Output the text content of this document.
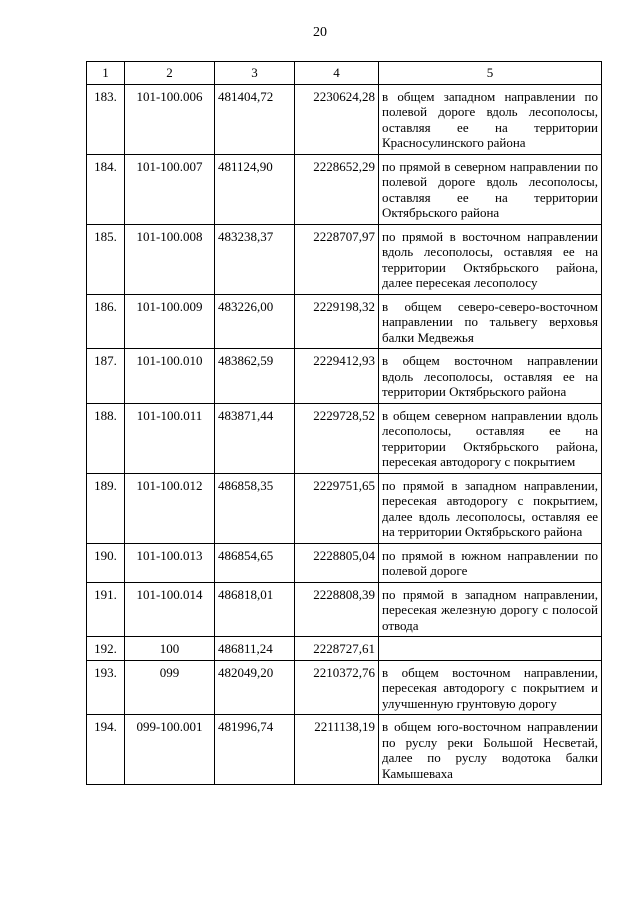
20
1	2	3	4	5
183.	101-100.006	481404,72	2230624,28	в общем западном направлении по полевой дороге вдоль лесополосы, оставляя ее на территории Красносулинского района
184.	101-100.007	481124,90	2228652,29	по прямой в северном направлении по полевой дороге вдоль лесополосы, оставляя ее на территории Октябрьского района
185.	101-100.008	483238,37	2228707,97	по прямой в восточном направлении вдоль лесополосы, оставляя ее на территории Октябрьского района, далее пересекая лесополосу
186.	101-100.009	483226,00	2229198,32	в общем северо-северо-восточном направлении по тальвегу верховья балки Медвежья
187.	101-100.010	483862,59	2229412,93	в общем восточном направлении вдоль лесополосы, оставляя ее на территории Октябрьского района
188.	101-100.011	483871,44	2229728,52	в общем северном направлении вдоль лесополосы, оставляя ее на территории Октябрьского района, пересекая автодорогу с покрытием
189.	101-100.012	486858,35	2229751,65	по прямой в западном направлении, пересекая автодорогу с покрытием, далее вдоль лесополосы, оставляя ее на территории Октябрьского района
190.	101-100.013	486854,65	2228805,04	по прямой в южном направлении по полевой дороге
191.	101-100.014	486818,01	2228808,39	по прямой в западном направлении, пересекая железную дорогу с полосой отвода
192.	100	486811,24	2228727,61	
193.	099	482049,20	2210372,76	в общем восточном направлении, пересекая автодорогу с покрытием и улучшенную грунтовую дорогу
194.	099-100.001	481996,74	2211138,19	в общем юго-восточном направлении по руслу реки Большой Несветай, далее по руслу водотока балки Камышеваха
